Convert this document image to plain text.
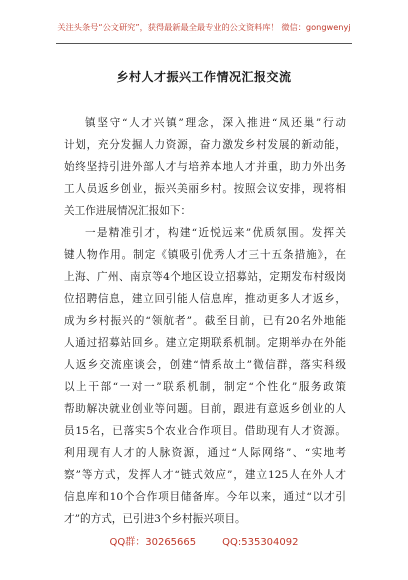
关注头条号“公文研究”，获得最新最全最专业的公文资料库！ 微信：gongwenyj
乡村人才振兴工作情况汇报交流
镇坚守“人才兴镇”理念，深入推进“凤还巢”行动
计划，充分发掘人力资源，奋力激发乡村发展的新动能，
始终坚持引进外部人才与培养本地人才并重，助力外出务
工人员返乡创业，振兴美丽乡村。按照会议安排，现将相
关工作进展情况汇报如下：
一是精准引才，构建“近悦远来”优质氛围。发挥关
键人物作用。制定《镇吸引优秀人才三十五条措施》，在
上海、广州、南京等4个地区设立招募站，定期发布村级岗
位招聘信息，建立回引能人信息库，推动更多人才返乡，
成为乡村振兴的“领航者”。截至目前，已有20名外地能
人通过招募站回乡。建立定期联系机制。定期举办在外能
人返乡交流座谈会，创建“情系故土”微信群，落实科级
以上干部“一对一”联系机制，制定“个性化”服务政策
帮助解决就业创业等问题。目前，跟进有意返乡创业的人
员15名，已落实5个农业合作项目。借助现有人才资源。
利用现有人才的人脉资源，通过“人际网络”、“实地考
察”等方式，发挥人才“链式效应”，建立125人在外人才
信息库和10个合作项目储备库。今年以来，通过“以才引
才”的方式，已引进3个乡村振兴项目。
QQ群：30265665	QQ:535304092
